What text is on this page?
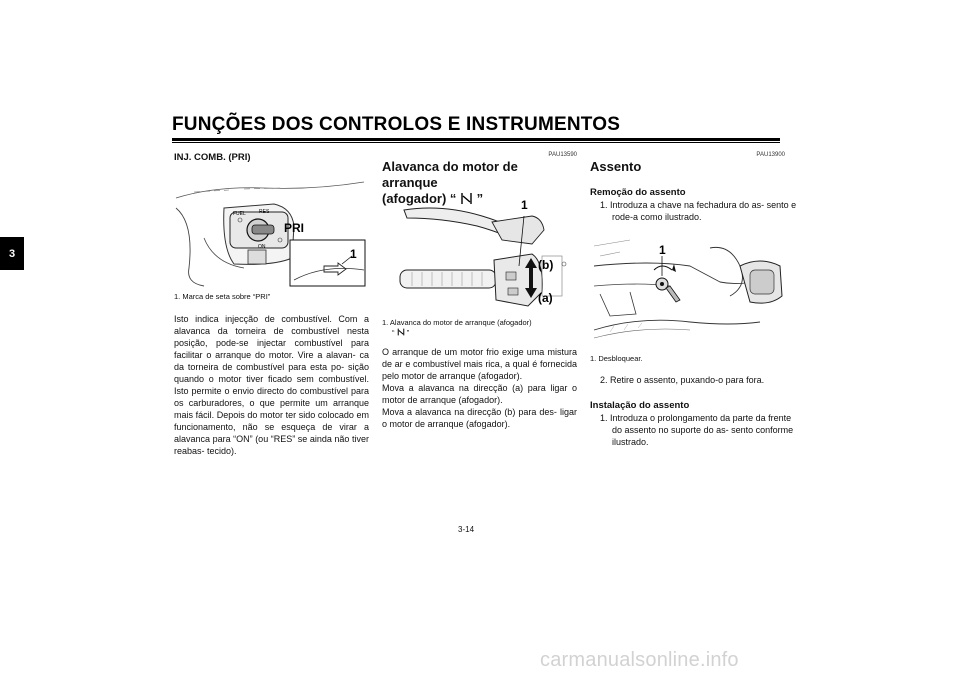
FUNÇÕES DOS CONTROLOS E INSTRUMENTOS
3
INJ. COMB. (PRI)
FUEL	RES
ON
PRI
1
1. Marca de seta sobre “PRI”
Isto indica injecção de combustível. Com a alavanca da torneira de combustível nesta posição, pode-se injectar combustível para facilitar o arranque do motor. Vire a alavan- ca da torneira de combustível para esta po- sição quando o motor tiver ficado sem combustível. Isto permite o envio directo do combustível para os carburadores, o que permite um arranque mais fácil. Depois do motor ter sido colocado em funcionamento, não se esqueça de virar a alavanca para “ON” (ou “RES” se ainda não tiver reabas- tecido).
PAU13590
Alavanca do motor de arranque
(afogador) “ ”	1
(b)
(a)
1. Alavanca do motor de arranque (afogador)
“ ”
O arranque de um motor frio exige uma mistura de ar e combustível mais rica, a qual é fornecida pelo motor de arranque (afogador).
Mova a alavanca na direcção (a) para ligar o motor de arranque (afogador).
Mova a alavanca na direcção (b) para des- ligar o motor de arranque (afogador).
PAU13900
Assento
Remoção do assento
1. Introduza a chave na fechadura do as- sento e rode-a como ilustrado.
1
1. Desbloquear.
2. Retire o assento, puxando-o para fora.
Instalação do assento
1. Introduza o prolongamento da parte da frente do assento no suporte do as- sento conforme ilustrado.
3-14
carmanualsonline.info
